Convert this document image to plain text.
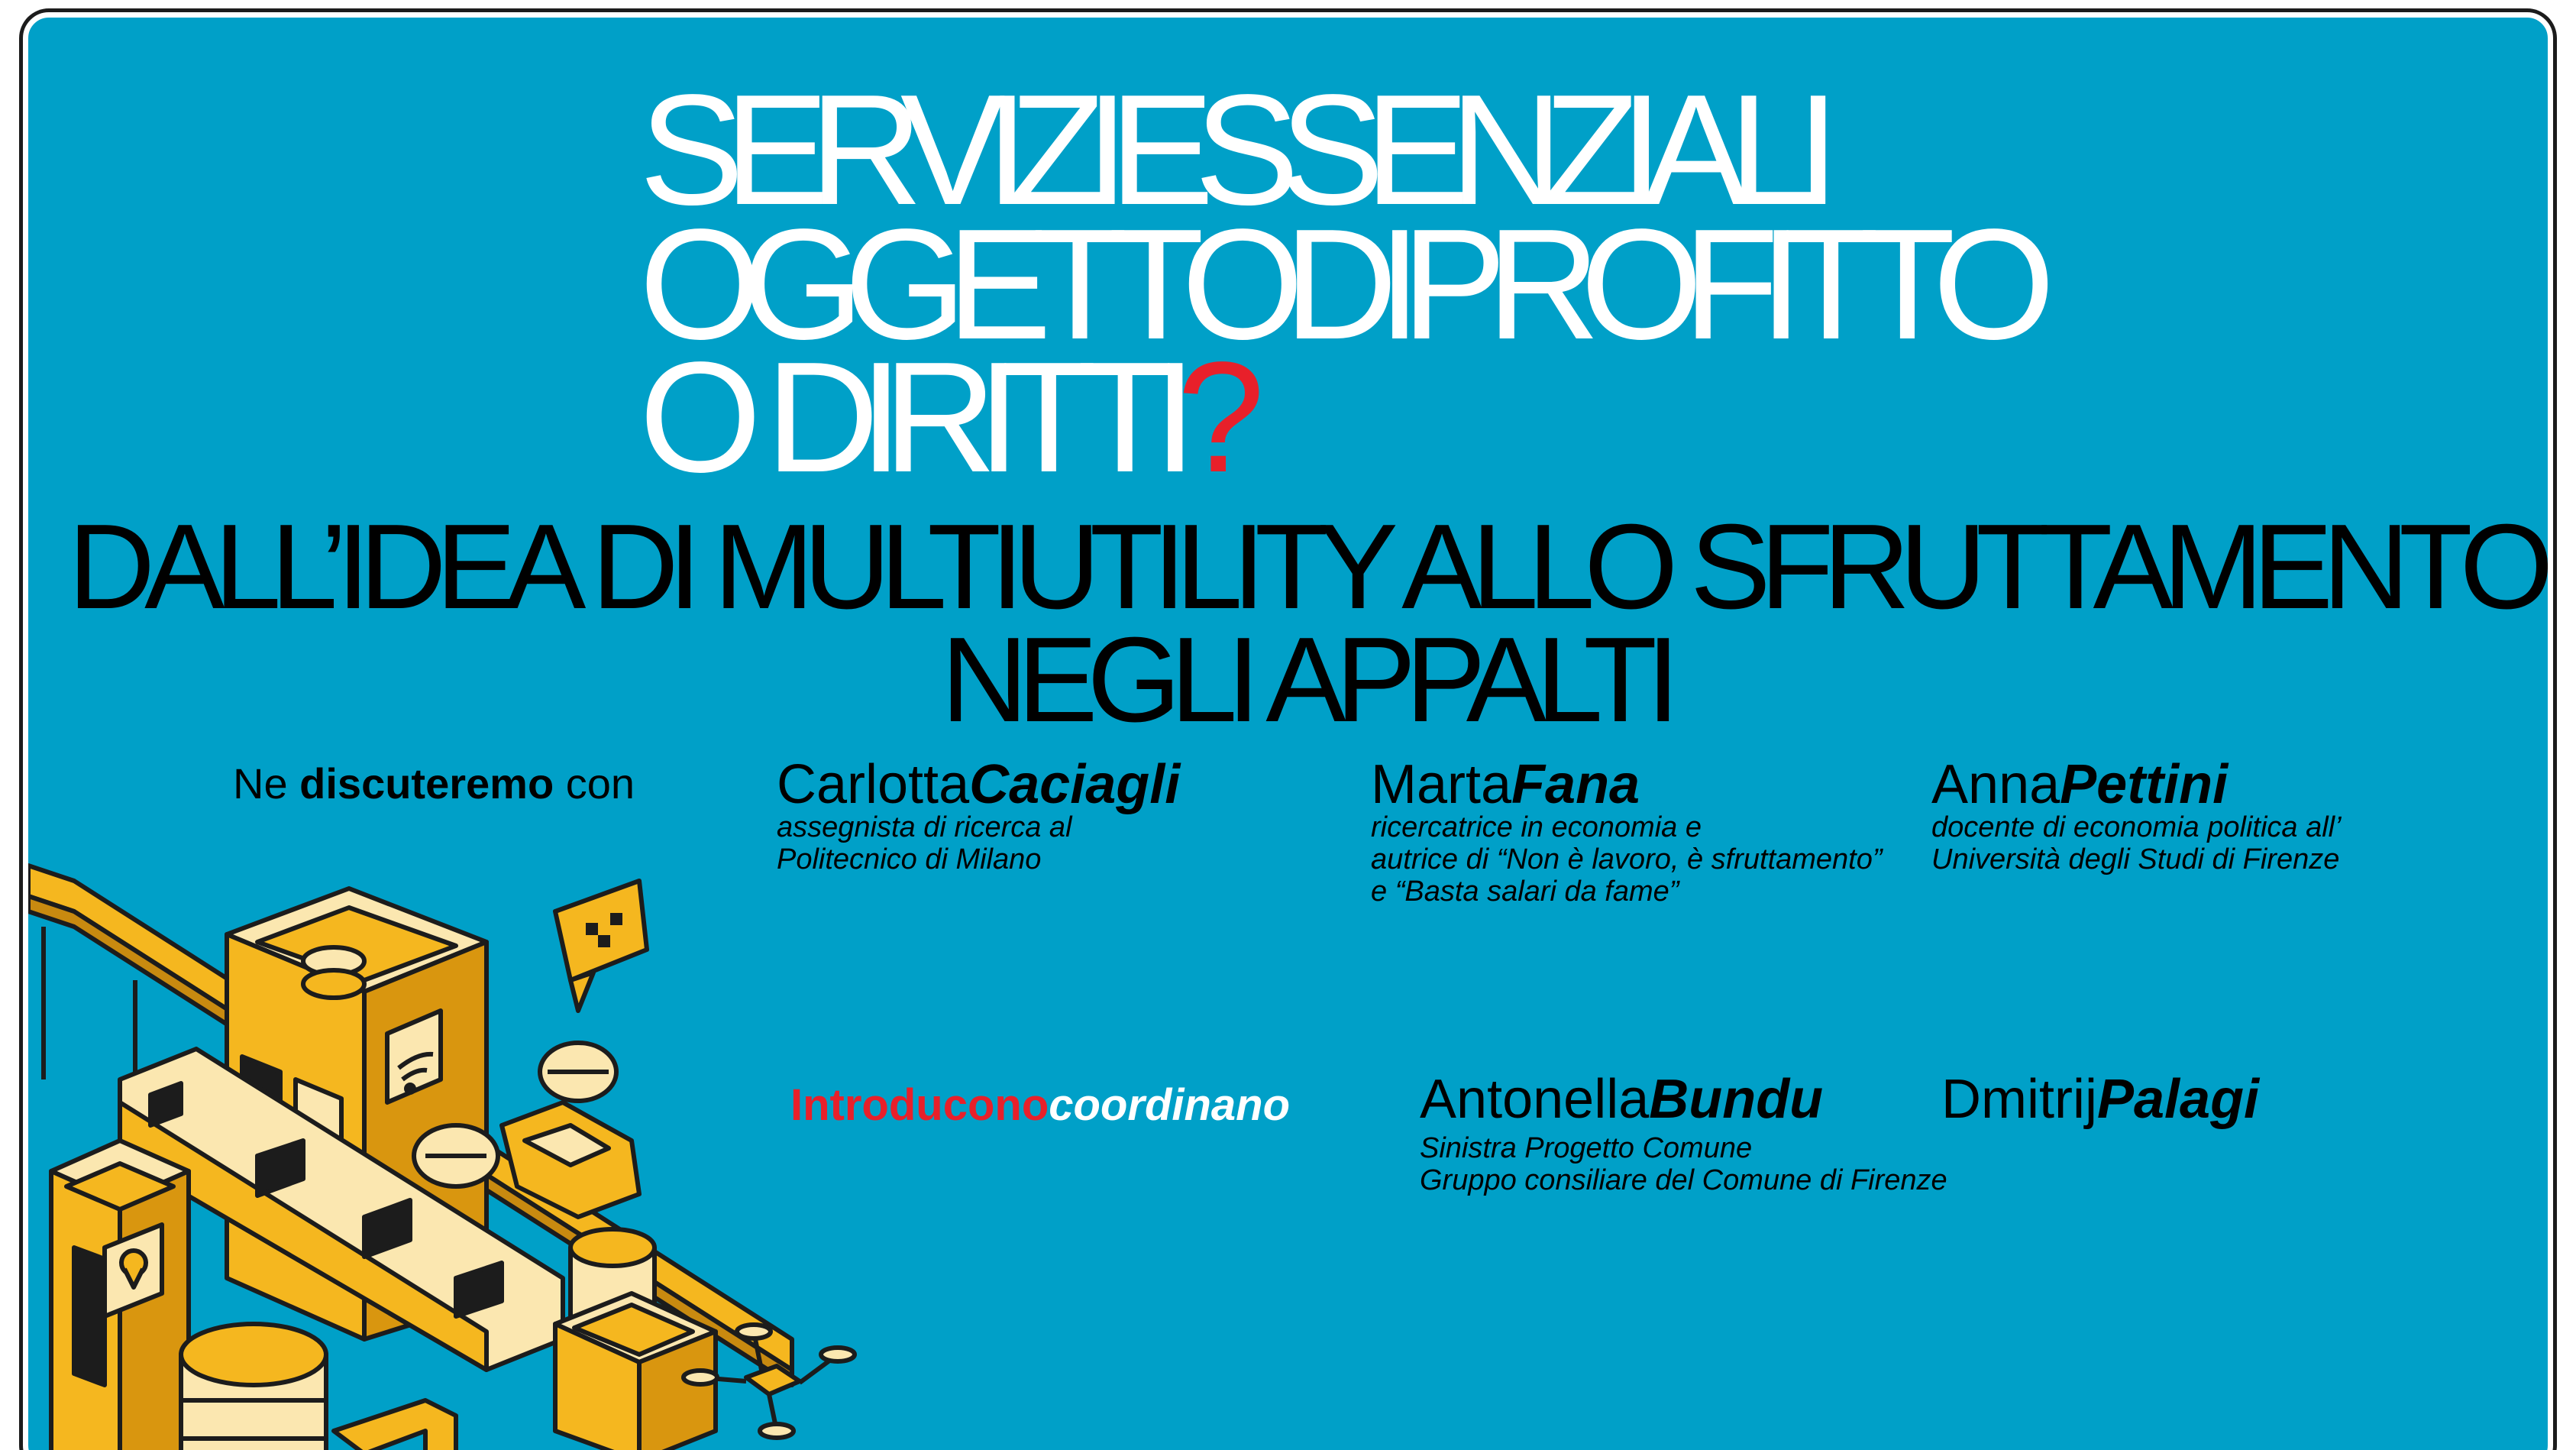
SERVIZIESSENZIALI
OGGETTODIPROFITTO
O DIRITTI?
DALL’IDEA DI MULTIUTILITY ALLO SFRUTTAMENTO
NEGLI APPALTI
Ne discuteremo con	CarlottaCaciagli
assegnista di ricerca al
Politecnico di Milano
MartaFana
ricercatrice in economia e
autrice di “Non è lavoro, è sfruttamento”
e “Basta salari da fame”
AnnaPettini
docente di economia politica all’
Università degli Studi di Firenze
Introduconocoordinano AntonellaBundu
Sinistra Progetto Comune
Gruppo consiliare del Comune di Firenze
DmitrijPalagi
